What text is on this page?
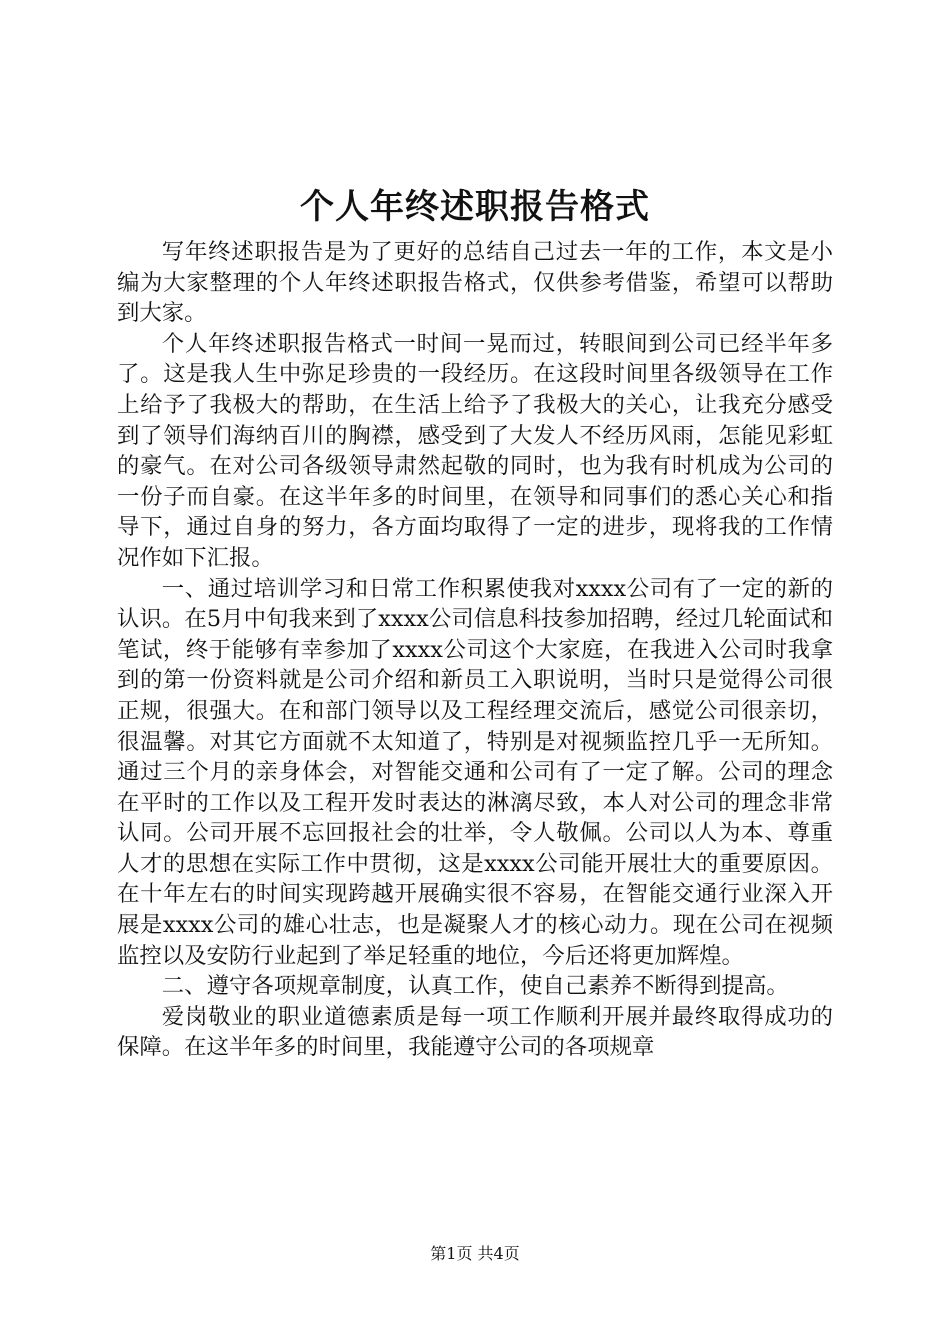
个人年终述职报告格式

写年终述职报告是为了更好的总结自己过去一年的工作，本文是小编为大家整理的个人年终述职报告格式，仅供参考借鉴，希望可以帮助到大家。

个人年终述职报告格式一时间一晃而过，转眼间到公司已经半年多了。这是我人生中弥足珍贵的一段经历。在这段时间里各级领导在工作上给予了我极大的帮助，在生活上给予了我极大的关心，让我充分感受到了领导们海纳百川的胸襟，感受到了大发人不经历风雨，怎能见彩虹的豪气。在对公司各级领导肃然起敬的同时，也为我有时机成为公司的一份子而自豪。在这半年多的时间里，在领导和同事们的悉心关心和指导下，通过自身的努力，各方面均取得了一定的进步，现将我的工作情况作如下汇报。

一、通过培训学习和日常工作积累使我对xxxx公司有了一定的新的认识。在5月中旬我来到了xxxx公司信息科技参加招聘，经过几轮面试和笔试，终于能够有幸参加了xxxx公司这个大家庭，在我进入公司时我拿到的第一份资料就是公司介绍和新员工入职说明，当时只是觉得公司很正规，很强大。在和部门领导以及工程经理交流后，感觉公司很亲切，很温馨。对其它方面就不太知道了，特别是对视频监控几乎一无所知。通过三个月的亲身体会，对智能交通和公司有了一定了解。公司的理念在平时的工作以及工程开发时表达的淋漓尽致，本人对公司的理念非常认同。公司开展不忘回报社会的壮举，令人敬佩。公司以人为本、尊重人才的思想在实际工作中贯彻，这是xxxx公司能开展壮大的重要原因。在十年左右的时间实现跨越开展确实很不容易，在智能交通行业深入开展是xxxx公司的雄心壮志，也是凝聚人才的核心动力。现在公司在视频监控以及安防行业起到了举足轻重的地位，今后还将更加辉煌。

二、遵守各项规章制度，认真工作，使自己素养不断得到提高。

爱岗敬业的职业道德素质是每一项工作顺利开展并最终取得成功的保障。在这半年多的时间里，我能遵守公司的各项规章

第1页 共4页
